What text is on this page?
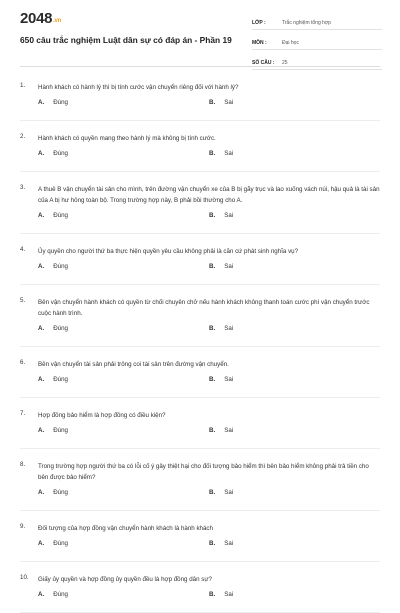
2048.vn
650 câu trắc nghiệm Luật dân sự có đáp án - Phần 19
LỚP :	Trắc nghiệm tổng hợp
MÔN :	Đại học
SỐ CÂU :	25
1.	Hành khách có hành lý thì bị tính cước vận chuyển riêng đối với hành lý?
A. Đúng	B. Sai
2.	Hành khách có quyền mang theo hành lý mà không bị tính cước.
A. Đúng	B. Sai
3.	A thuê B vận chuyển tài sản cho mình, trên đường vận chuyển xe của B bị gãy trục và lao xuống vách núi, hậu quả là tài sản của A bị hư hỏng toàn bộ. Trong trường hợp này, B phải bồi thường cho A.
A. Đúng	B. Sai
4.	Ủy quyền cho người thứ ba thực hiện quyền yêu cầu không phải là căn cứ phát sinh nghĩa vụ?
A. Đúng	B. Sai
5.	Bên vận chuyển hành khách có quyền từ chối chuyên chở nếu hành khách không thanh toán cước phí vận chuyển trước cuộc hành trình.
A. Đúng	B. Sai
6.	Bên vận chuyển tài sản phải trông coi tài sản trên đường vận chuyển.
A. Đúng	B. Sai
7.	Hợp đồng bảo hiểm là hợp đồng có điều kiện?
A. Đúng	B. Sai
8.	Trong trường hợp người thứ ba có lỗi cố ý gây thiệt hại cho đối tượng bảo hiểm thì bên bảo hiểm không phải trả tiền cho bên được bảo hiểm?
A. Đúng	B. Sai
9.	Đối tượng của hợp đồng vận chuyển hành khách là hành khách
A. Đúng	B. Sai
10.	Giấy ủy quyền và hợp đồng ủy quyền đều là hợp đồng dân sự?
A. Đúng	B. Sai
